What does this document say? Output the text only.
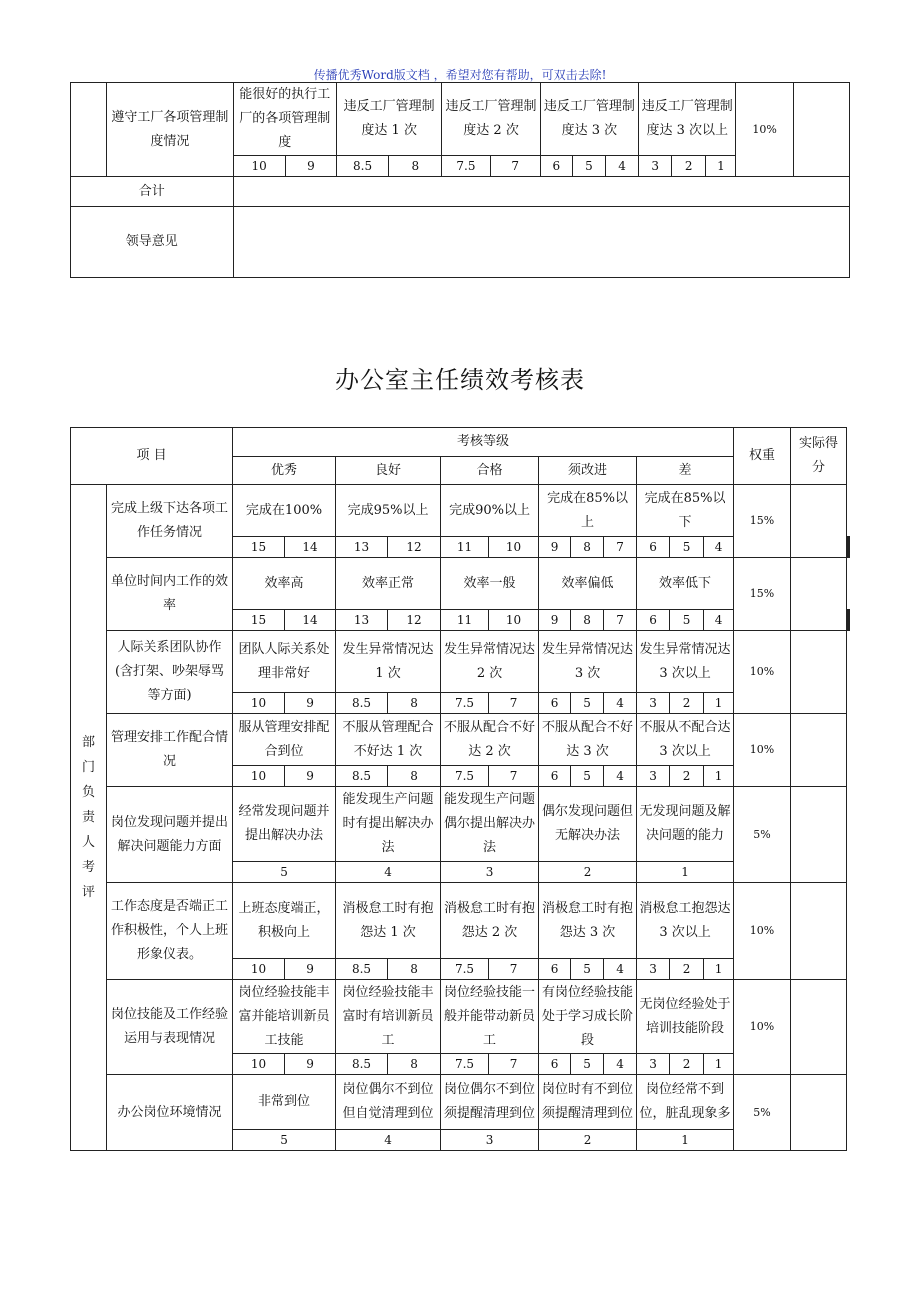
传播优秀Word版文档 ，希望对您有帮助，可双击去除!
	遵守工厂各项管理制度情况	能很好的执行工厂的各项管理制度		违反工厂管理制度达 1 次		违反工厂管理制度达 2 次		违反工厂管理制度达 3 次			违反工厂管理制度达 3 次以上			10%	
		10	9	8.5	8	7.5	7	6	5	4	3	2	1		
合计															
领导意见															
办公室主任绩效考核表
项 目		考核等级												权重	实际得分		
		优秀		良好		合格		须改进			差						
部门负责人考评	完成上级下达各项工作任务情况	完成在100%		完成95%以上		完成90%以上		完成在85%以上			完成在85%以下			15%			
		15	14	13	12	11	10	9	8	7	6	5	4			
	单位时间内工作的效率	效率高		效率正常		效率一般		效率偏低			效率低下			15%			
		15	14	13	12	11	10	9	8	7	6	5	4			
	人际关系团队协作(含打架、吵架辱骂等方面)	团队人际关系处理非常好		发生异常情况达 1 次		发生异常情况达 2 次		发生异常情况达 3 次			发生异常情况达 3 次以上			10%			
		10	9	8.5	8	7.5	7	6	5	4	3	2	1				
	管理安排工作配合情况	服从管理安排配合到位		不服从管理配合不好达 1 次		不服从配合不好达 2 次		不服从配合不好达 3 次			不服从不配合达 3 次以上			10%			
		10	9	8.5	8	7.5	7	6	5	4	3	2	1				
	岗位发现问题并提出解决问题能力方面	经常发现问题并提出解决办法		能发现生产问题时有提出解决办法		能发现生产问题偶尔提出解决办法		偶尔发现问题但无解决办法			无发现问题及解决问题的能力			5%			
		5		4		3		2			1						
	工作态度是否端正工作积极性，个人上班形象仪表。	上班态度端正，积极向上		消极怠工时有抱怨达 1 次		消极怠工时有抱怨达 2 次		消极怠工时有抱怨达 3 次			消极怠工抱怨达 3 次以上			10%			
		10	9	8.5	8	7.5	7	6	5	4	3	2	1				
	岗位技能及工作经验运用与表现情况	岗位经验技能丰富并能培训新员工技能		岗位经验技能丰富时有培训新员工		岗位经验技能一般并能带动新员工		有岗位经验技能处于学习成长阶段			无岗位经验处于培训技能阶段			10%			
		10	9	8.5	8	7.5	7	6	5	4	3	2	1				
	办公岗位环境情况	非常到位		岗位偶尔不到位但自觉清理到位		岗位偶尔不到位须提醒清理到位		岗位时有不到位须提醒清理到位			岗位经常不到位，脏乱现象多			5%			
		5		4		3		2			1						
